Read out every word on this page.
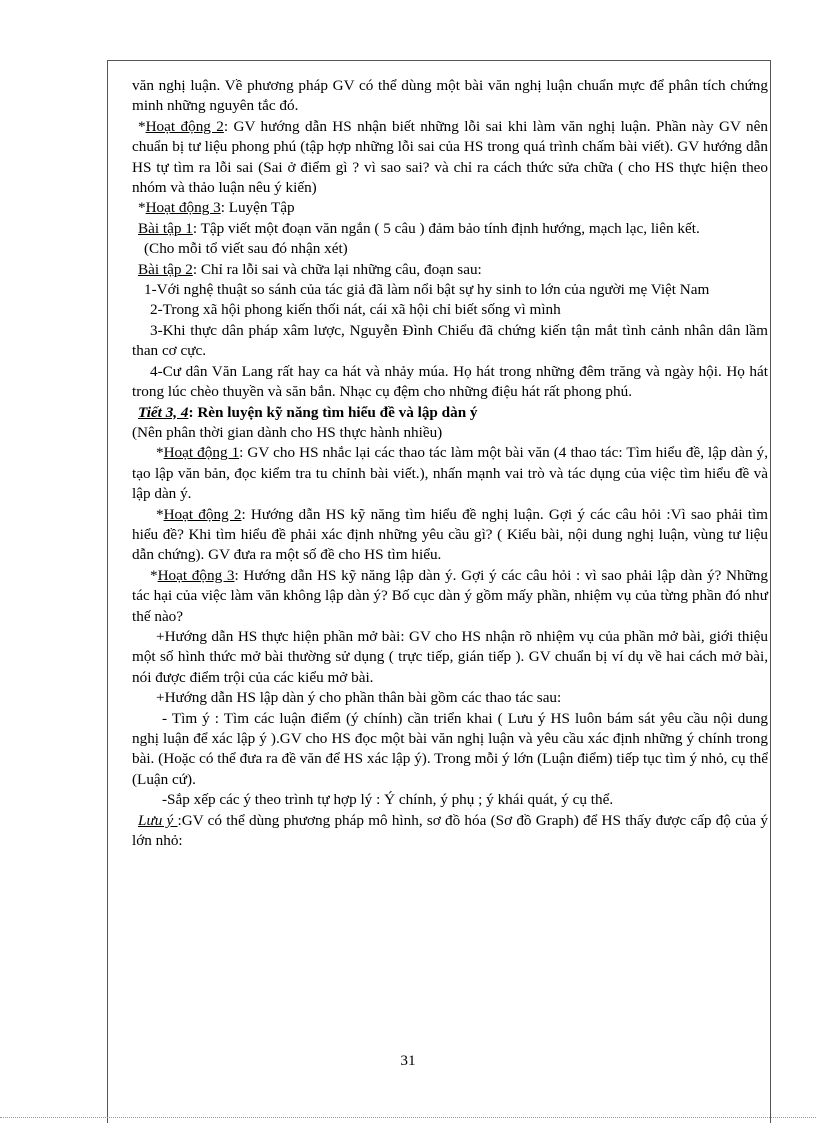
văn nghị luận. Về phương pháp GV có thể dùng một bài văn nghị luận chuẩn mực để phân tích chứng minh những nguyên tắc đó.

*Hoạt động 2: GV hướng dẫn HS nhận biết những lỗi sai khi làm văn nghị luận. Phần này GV nên chuẩn bị tư liệu phong phú (tập hợp những lỗi sai của HS trong quá trình chấm bài viết). GV hướng dẫn HS tự tìm ra lỗi sai (Sai ở điểm gì ? vì sao sai? và chỉ ra cách thức sửa chữa ( cho HS thực hiện theo nhóm và thảo luận nêu ý kiến)

*Hoạt động 3: Luyện Tập

Bài tập 1: Tập viết một đoạn văn ngắn ( 5 câu ) đảm bảo tính định hướng, mạch lạc, liên kết.

(Cho mỗi tổ viết sau đó nhận xét)

Bài tập 2: Chỉ ra lỗi sai và chữa lại những câu, đoạn sau:

1-Với nghệ thuật so sánh của tác giả đã làm nổi bật sự hy sinh to lớn của người mẹ Việt Nam

2-Trong xã hội phong kiến thối nát, cái xã hội chỉ biết sống vì mình

3-Khi thực dân pháp xâm lược, Nguyễn Đình Chiểu đã chứng kiến tận mắt tình cảnh nhân dân lầm than cơ cực.

4-Cư dân Văn Lang rất hay ca hát và nhảy múa. Họ hát trong những đêm trăng và ngày hội. Họ hát trong lúc chèo thuyền và săn bắn. Nhạc cụ đệm cho những điệu hát rất phong phú.

Tiết 3, 4: Rèn luyện kỹ năng tìm hiểu đề và lập dàn ý

(Nên phân thời gian dành cho HS thực hành nhiều)

*Hoạt động 1: GV cho HS nhắc lại các thao tác làm một bài văn (4 thao tác: Tìm hiểu đề, lập dàn ý, tạo lập văn bản, đọc kiểm tra tu chỉnh bài viết.), nhấn mạnh vai trò và tác dụng của việc tìm hiểu đề và lập dàn ý.

*Hoạt động 2: Hướng dẫn HS kỹ năng tìm hiểu đề nghị luận. Gợi ý các câu hỏi :Vì sao phải tìm hiểu đề? Khi tìm hiểu đề phải xác định những yêu cầu gì? ( Kiểu bài, nội dung nghị luận, vùng tư liệu dẫn chứng). GV đưa ra một số đề cho HS tìm hiểu.

*Hoạt động 3: Hướng dẫn HS kỹ năng lập dàn ý. Gợi ý các câu hỏi : vì sao phải lập dàn ý? Những tác hại của việc làm văn không lập dàn ý? Bố cục dàn ý gồm mấy phần, nhiệm vụ của từng phần đó như thế nào?

+Hướng dẫn HS thực hiện phần mở bài: GV cho HS nhận rõ nhiệm vụ của phần mở bài, giới thiệu một số hình thức mở bài thường sử dụng ( trực tiếp, gián tiếp ). GV chuẩn bị ví dụ về hai cách mở bài, nói được điểm trội của các kiểu mở bài.

+Hướng dẫn HS lập dàn ý cho phần thân bài gồm các thao tác sau:

- Tìm ý : Tìm các luận điểm (ý chính) cần triển khai ( Lưu ý HS luôn bám sát yêu cầu nội dung nghị luận để xác lập ý ).GV cho HS đọc một bài văn nghị luận và yêu cầu xác định những ý chính trong bài. (Hoặc có thể đưa ra đề văn để HS xác lập ý). Trong mỗi ý lớn (Luận điểm) tiếp tục tìm ý nhỏ, cụ thể (Luận cứ).

-Sắp xếp các ý theo trình tự hợp lý : Ý chính, ý phụ ; ý khái quát, ý cụ thể.

Lưu ý :GV có thể dùng phương pháp mô hình, sơ đồ hóa (Sơ đồ Graph) để HS thấy được cấp độ của ý lớn nhỏ:

31
